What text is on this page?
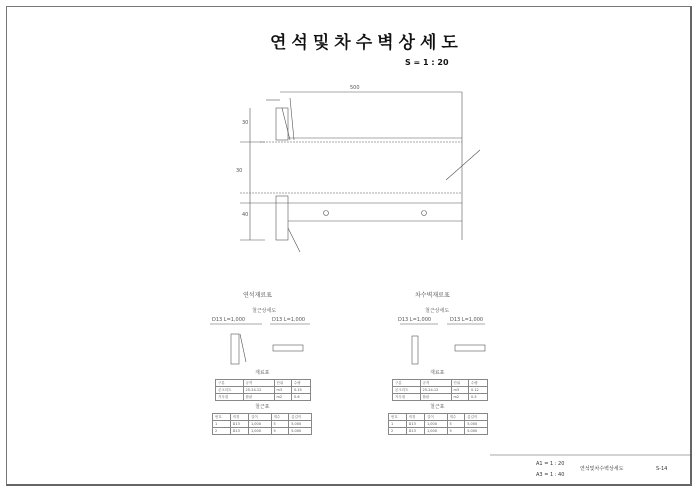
연석및차수벽상세도
S = 1 : 20
500
30
30
40
연석재료표
철근상세도
D13 L=1,000	D13 L=1,000
재료표
구분	규격	단위	수량
콘크리트	25-24-12	m3	0.15
거푸집	합판	m2	0.6
철근표
번호	직경	길이	개수	총길이
1	D13	1,000	5	5.000
2	D13	1,000	5	5.000
차수벽재료표
철근상세도
D13 L=1,000	D13 L=1,000
재료표
구분	규격	단위	수량
콘크리트	25-24-12	m3	0.12
거푸집	합판	m2	0.5
철근표
번호	직경	길이	개수	총길이
1	D13	1,000	5	5.000
2	D13	1,000	5	5.000
A1 = 1 : 20
A3 = 1 : 40
연석및차수벽상세도	S-14
